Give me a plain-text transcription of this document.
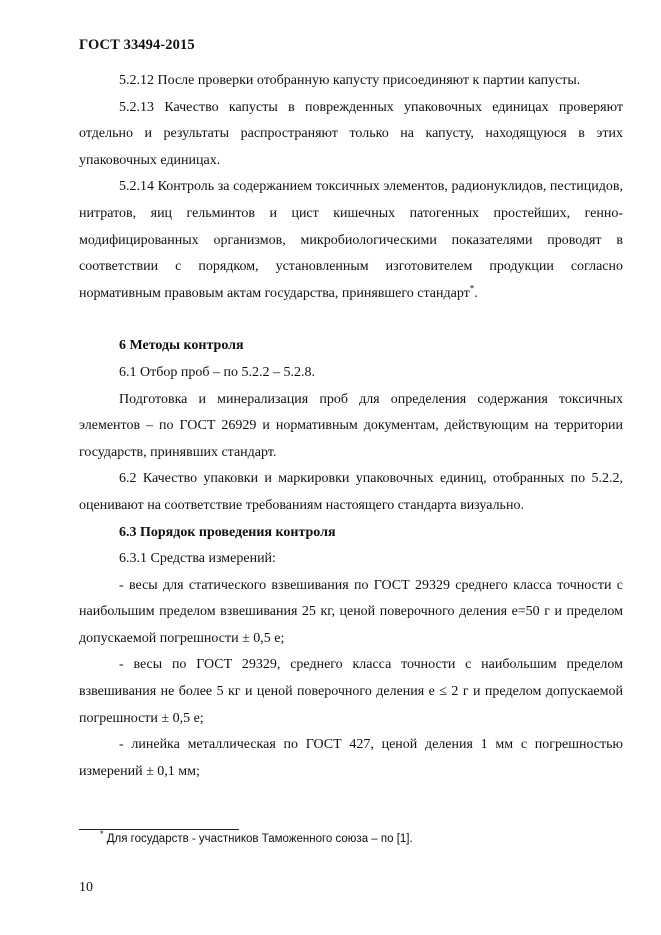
ГОСТ 33494-2015

5.2.12 После проверки отобранную капусту присоединяют к партии капусты.

5.2.13 Качество капусты в поврежденных упаковочных единицах проверяют отдельно и результаты распространяют только на капусту, находящуюся в этих упаковочных единицах.

5.2.14 Контроль за содержанием токсичных элементов, радионуклидов, пестицидов, нитратов, яиц гельминтов и цист кишечных патогенных простейших, генно-модифицированных организмов, микробиологическими показателями проводят в соответствии с порядком, установленным изготовителем продукции согласно нормативным правовым актам государства, принявшего стандарт*.

6 Методы контроля

6.1 Отбор проб – по 5.2.2 – 5.2.8.

Подготовка и минерализация проб для определения содержания токсичных элементов – по ГОСТ 26929 и нормативным документам, действующим на территории государств, принявших стандарт.

6.2 Качество упаковки и маркировки упаковочных единиц, отобранных по 5.2.2, оценивают на соответствие требованиям настоящего стандарта визуально.

6.3 Порядок проведения контроля

6.3.1 Средства измерений:

- весы для статического взвешивания по ГОСТ 29329 среднего класса точности с наибольшим пределом взвешивания 25 кг, ценой поверочного деления e=50 г и пределом допускаемой погрешности ± 0,5 е;

- весы по ГОСТ 29329, среднего класса точности с наибольшим пределом взвешивания не более 5 кг и ценой поверочного деления е ≤ 2 г и пределом допускаемой погрешности ± 0,5 е;

- линейка металлическая по ГОСТ 427, ценой деления 1 мм с погрешностью измерений ± 0,1 мм;

* Для государств - участников Таможенного союза – по [1].
10
